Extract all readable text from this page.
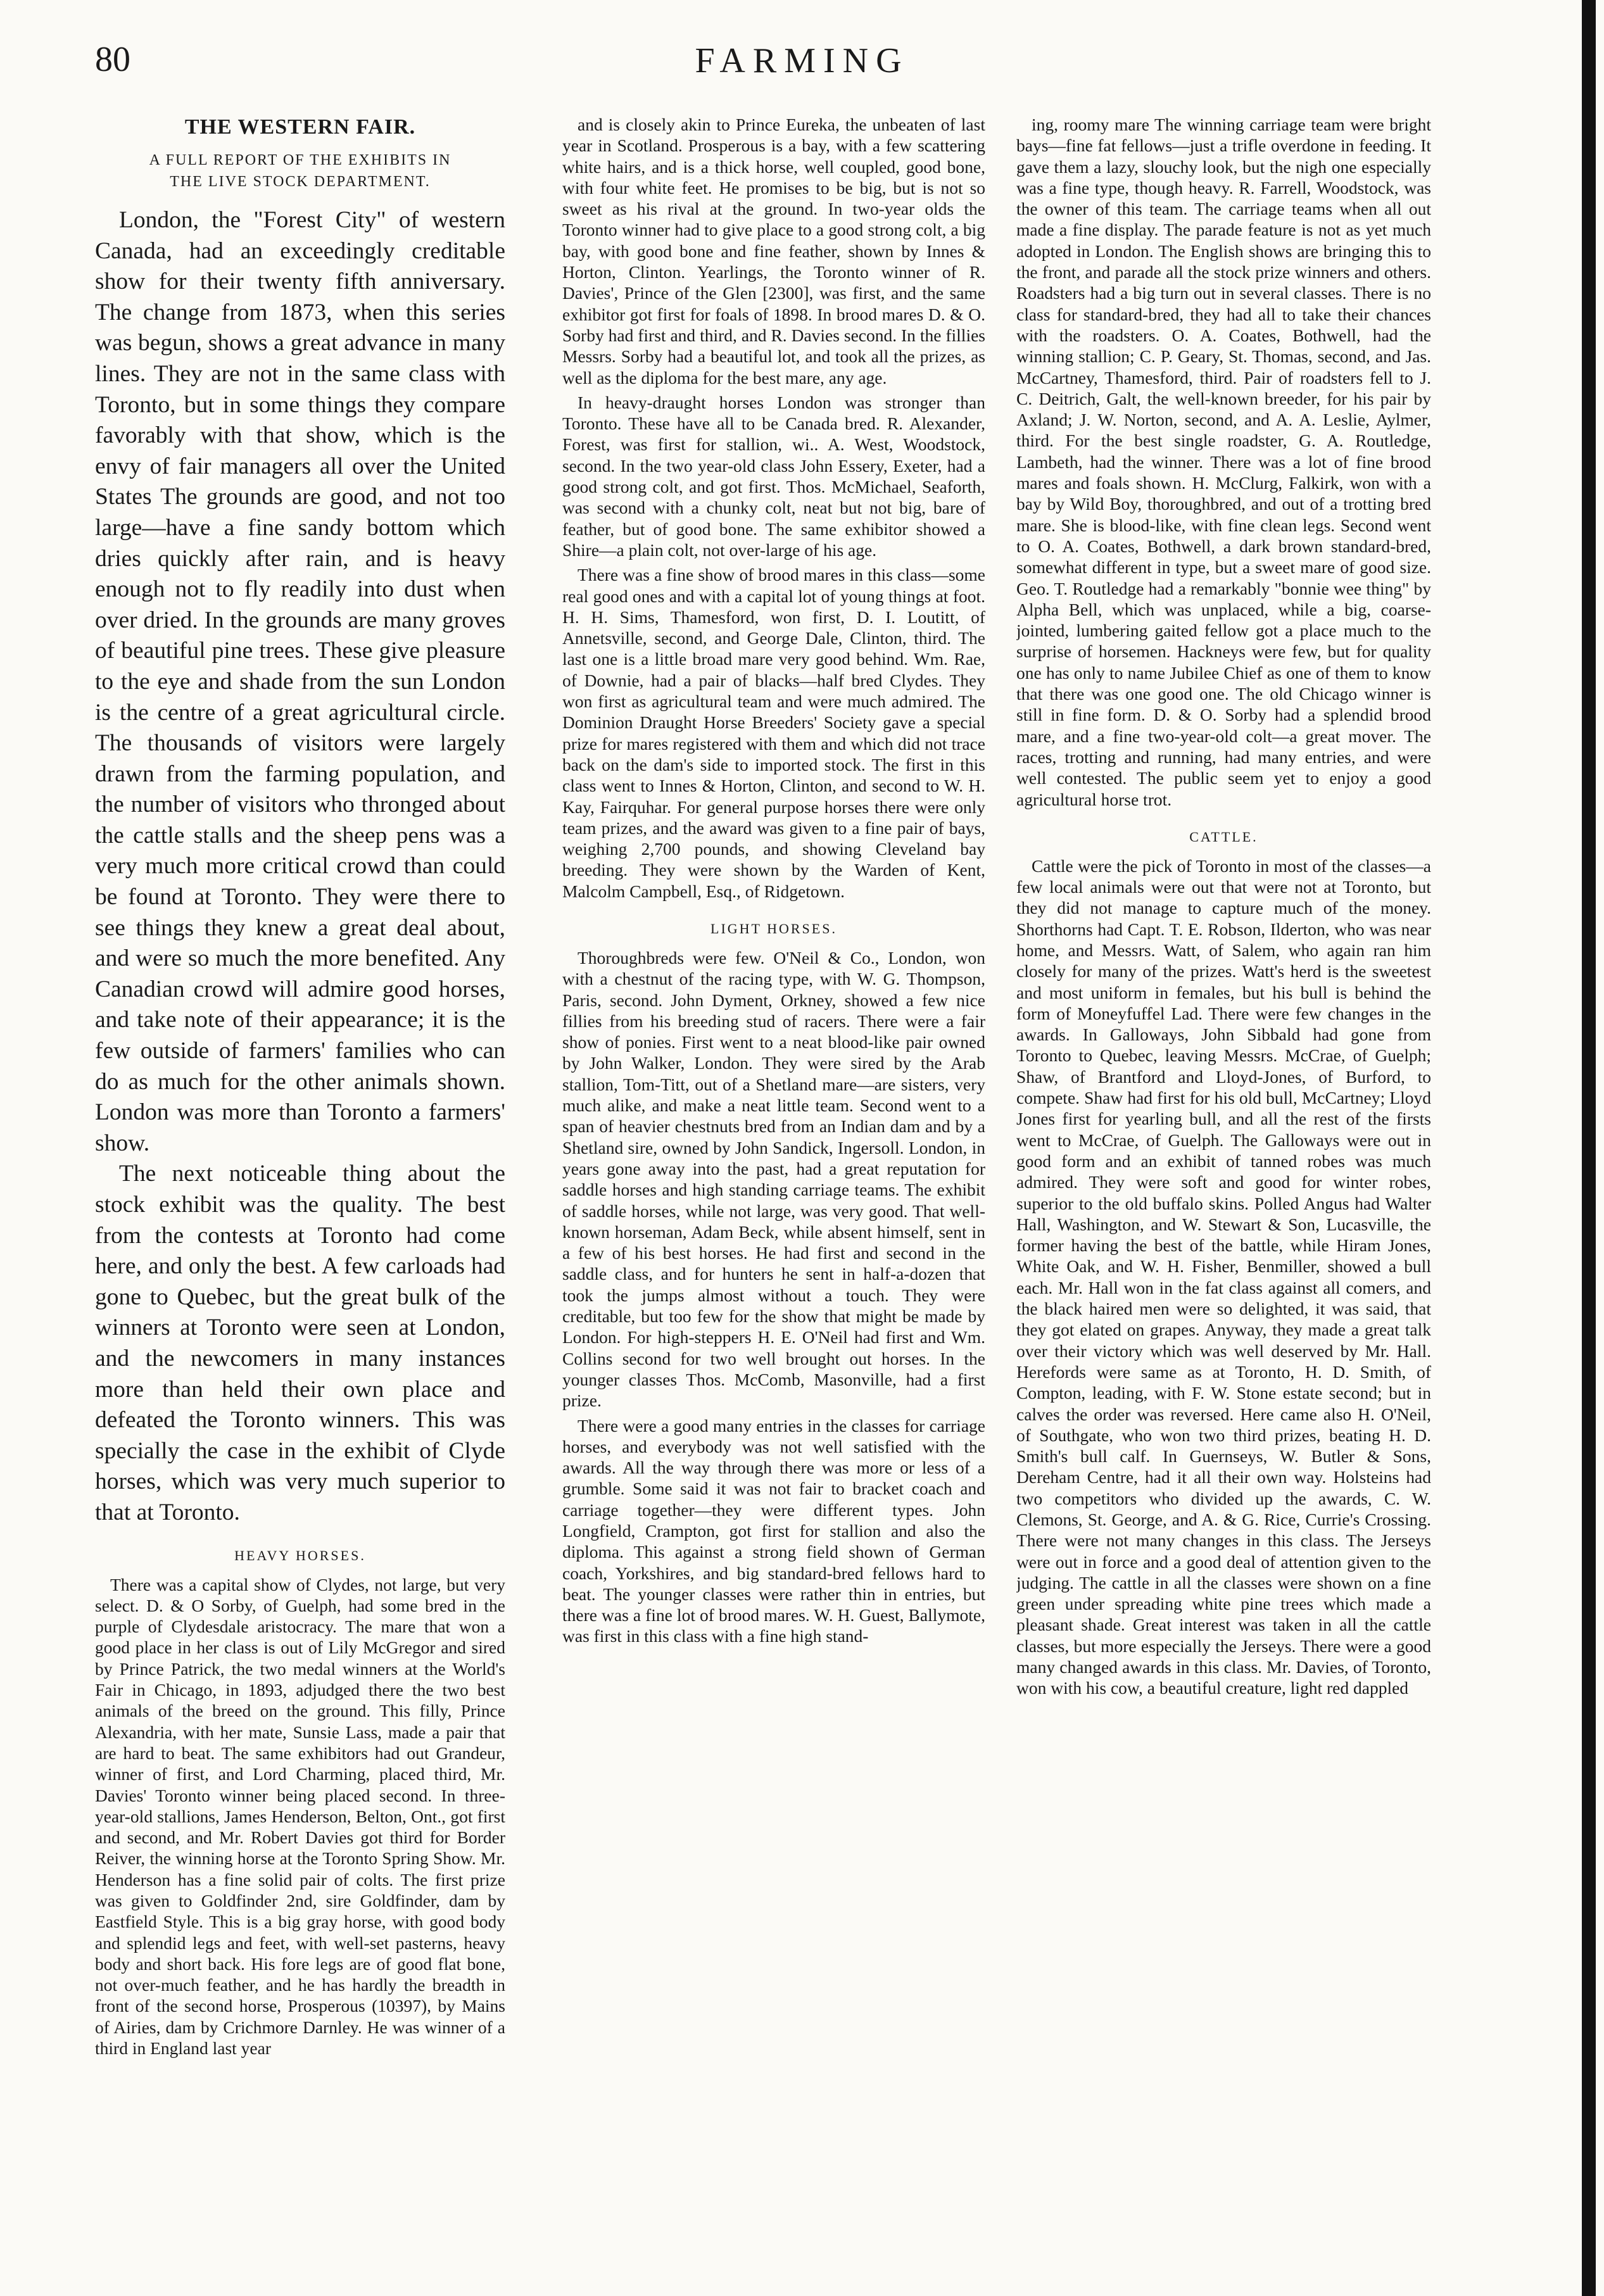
80	FARMING
THE WESTERN FAIR.
A FULL REPORT OF THE EXHIBITS IN
THE LIVE STOCK DEPARTMENT.

London, the "Forest City" of western Canada, had an exceedingly creditable show for their twenty fifth anniversary. The change from 1873, when this series was begun, shows a great advance in many lines. They are not in the same class with Toronto, but in some things they compare favorably with that show, which is the envy of fair managers all over the United States The grounds are good, and not too large—have a fine sandy bottom which dries quickly after rain, and is heavy enough not to fly readily into dust when over dried. In the grounds are many groves of beautiful pine trees. These give pleasure to the eye and shade from the sun London is the centre of a great agricultural circle. The thousands of visitors were largely drawn from the farming population, and the number of visitors who thronged about the cattle stalls and the sheep pens was a very much more critical crowd than could be found at Toronto. They were there to see things they knew a great deal about, and were so much the more benefited. Any Canadian crowd will admire good horses, and take note of their appearance; it is the few outside of farmers' families who can do as much for the other animals shown. London was more than Toronto a farmers' show.

The next noticeable thing about the stock exhibit was the quality. The best from the contests at Toronto had come here, and only the best. A few carloads had gone to Quebec, but the great bulk of the winners at Toronto were seen at London, and the newcomers in many instances more than held their own place and defeated the Toronto winners. This was specially the case in the exhibit of Clyde horses, which was very much superior to that at Toronto.

HEAVY HORSES.

There was a capital show of Clydes, not large, but very select. D. & O Sorby, of Guelph, had some bred in the purple of Clydesdale aristocracy. The mare that won a good place in her class is out of Lily McGregor and sired by Prince Patrick, the two medal winners at the World's Fair in Chicago, in 1893, adjudged there the two best animals of the breed on the ground. This filly, Prince Alexandria, with her mate, Sunsie Lass, made a pair that are hard to beat. The same exhibitors had out Grandeur, winner of first, and Lord Charming, placed third, Mr. Davies' Toronto winner being placed second. In three-year-old stallions, James Henderson, Belton, Ont., got first and second, and Mr. Robert Davies got third for Border Reiver, the winning horse at the Toronto Spring Show. Mr. Henderson has a fine solid pair of colts. The first prize was given to Goldfinder 2nd, sire Goldfinder, dam by Eastfield Style. This is a big gray horse, with good body and splendid legs and feet, with well-set pasterns, heavy body and short back. His fore legs are of good flat bone, not over-much feather, and he has hardly the breadth in front of the second horse, Prosperous (10397), by Mains of Airies, dam by Crichmore Darnley. He was winner of a third in England last year

and is closely akin to Prince Eureka, the unbeaten of last year in Scotland. Prosperous is a bay, with a few scattering white hairs, and is a thick horse, well coupled, good bone, with four white feet. He promises to be big, but is not so sweet as his rival at the ground. In two-year olds the Toronto winner had to give place to a good strong colt, a big bay, with good bone and fine feather, shown by Innes & Horton, Clinton. Yearlings, the Toronto winner of R. Davies', Prince of the Glen [2300], was first, and the same exhibitor got first for foals of 1898. In brood mares D. & O. Sorby had first and third, and R. Davies second. In the fillies Messrs. Sorby had a beautiful lot, and took all the prizes, as well as the diploma for the best mare, any age.

In heavy-draught horses London was stronger than Toronto. These have all to be Canada bred. R. Alexander, Forest, was first for stallion, wi.. A. West, Woodstock, second. In the two year-old class John Essery, Exeter, had a good strong colt, and got first. Thos. McMichael, Seaforth, was second with a chunky colt, neat but not big, bare of feather, but of good bone. The same exhibitor showed a Shire—a plain colt, not over-large of his age.

There was a fine show of brood mares in this class—some real good ones and with a capital lot of young things at foot. H. H. Sims, Thamesford, won first, D. I. Loutitt, of Annetsville, second, and George Dale, Clinton, third. The last one is a little broad mare very good behind. Wm. Rae, of Downie, had a pair of blacks—half bred Clydes. They won first as agricultural team and were much admired. The Dominion Draught Horse Breeders' Society gave a special prize for mares registered with them and which did not trace back on the dam's side to imported stock. The first in this class went to Innes & Horton, Clinton, and second to W. H. Kay, Fairquhar. For general purpose horses there were only team prizes, and the award was given to a fine pair of bays, weighing 2,700 pounds, and showing Cleveland bay breeding. They were shown by the Warden of Kent, Malcolm Campbell, Esq., of Ridgetown.

LIGHT HORSES.

Thoroughbreds were few. O'Neil & Co., London, won with a chestnut of the racing type, with W. G. Thompson, Paris, second. John Dyment, Orkney, showed a few nice fillies from his breeding stud of racers. There were a fair show of ponies. First went to a neat blood-like pair owned by John Walker, London. They were sired by the Arab stallion, Tom-Titt, out of a Shetland mare—are sisters, very much alike, and make a neat little team. Second went to a span of heavier chestnuts bred from an Indian dam and by a Shetland sire, owned by John Sandick, Ingersoll. London, in years gone away into the past, had a great reputation for saddle horses and high standing carriage teams. The exhibit of saddle horses, while not large, was very good. That well-known horseman, Adam Beck, while absent himself, sent in a few of his best horses. He had first and second in the saddle class, and for hunters he sent in half-a-dozen that took the jumps almost without a touch. They were creditable, but too few for the show that might be made by London. For high-steppers H. E. O'Neil had first and Wm. Collins second for two well brought out horses. In the younger classes Thos. McComb, Masonville, had a first prize.

There were a good many entries in the classes for carriage horses, and everybody was not well satisfied with the awards. All the way through there was more or less of a grumble. Some said it was not fair to bracket coach and carriage together—they were different types. John Longfield, Crampton, got first for stallion and also the diploma. This against a strong field shown of German coach, Yorkshires, and big standard-bred fellows hard to beat. The younger classes were rather thin in entries, but there was a fine lot of brood mares. W. H. Guest, Ballymote, was first in this class with a fine high stand-

ing, roomy mare The winning carriage team were bright bays—fine fat fellows—just a trifle overdone in feeding. It gave them a lazy, slouchy look, but the nigh one especially was a fine type, though heavy. R. Farrell, Woodstock, was the owner of this team. The carriage teams when all out made a fine display. The parade feature is not as yet much adopted in London. The English shows are bringing this to the front, and parade all the stock prize winners and others. Roadsters had a big turn out in several classes. There is no class for standard-bred, they had all to take their chances with the roadsters. O. A. Coates, Bothwell, had the winning stallion; C. P. Geary, St. Thomas, second, and Jas. McCartney, Thamesford, third. Pair of roadsters fell to J. C. Deitrich, Galt, the well-known breeder, for his pair by Axland; J. W. Norton, second, and A. A. Leslie, Aylmer, third. For the best single roadster, G. A. Routledge, Lambeth, had the winner. There was a lot of fine brood mares and foals shown. H. McClurg, Falkirk, won with a bay by Wild Boy, thoroughbred, and out of a trotting bred mare. She is blood-like, with fine clean legs. Second went to O. A. Coates, Bothwell, a dark brown standard-bred, somewhat different in type, but a sweet mare of good size. Geo. T. Routledge had a remarkably "bonnie wee thing" by Alpha Bell, which was unplaced, while a big, coarse-jointed, lumbering gaited fellow got a place much to the surprise of horsemen. Hackneys were few, but for quality one has only to name Jubilee Chief as one of them to know that there was one good one. The old Chicago winner is still in fine form. D. & O. Sorby had a splendid brood mare, and a fine two-year-old colt—a great mover. The races, trotting and running, had many entries, and were well contested. The public seem yet to enjoy a good agricultural horse trot.

CATTLE.

Cattle were the pick of Toronto in most of the classes—a few local animals were out that were not at Toronto, but they did not manage to capture much of the money. Shorthorns had Capt. T. E. Robson, Ilderton, who was near home, and Messrs. Watt, of Salem, who again ran him closely for many of the prizes. Watt's herd is the sweetest and most uniform in females, but his bull is behind the form of Moneyfuffel Lad. There were few changes in the awards. In Galloways, John Sibbald had gone from Toronto to Quebec, leaving Messrs. McCrae, of Guelph; Shaw, of Brantford and Lloyd-Jones, of Burford, to compete. Shaw had first for his old bull, McCartney; Lloyd Jones first for yearling bull, and all the rest of the firsts went to McCrae, of Guelph. The Galloways were out in good form and an exhibit of tanned robes was much admired. They were soft and good for winter robes, superior to the old buffalo skins. Polled Angus had Walter Hall, Washington, and W. Stewart & Son, Lucasville, the former having the best of the battle, while Hiram Jones, White Oak, and W. H. Fisher, Benmiller, showed a bull each. Mr. Hall won in the fat class against all comers, and the black haired men were so delighted, it was said, that they got elated on grapes. Anyway, they made a great talk over their victory which was well deserved by Mr. Hall. Herefords were same as at Toronto, H. D. Smith, of Compton, leading, with F. W. Stone estate second; but in calves the order was reversed. Here came also H. O'Neil, of Southgate, who won two third prizes, beating H. D. Smith's bull calf. In Guernseys, W. Butler & Sons, Dereham Centre, had it all their own way. Holsteins had two competitors who divided up the awards, C. W. Clemons, St. George, and A. & G. Rice, Currie's Crossing. There were not many changes in this class. The Jerseys were out in force and a good deal of attention given to the judging. The cattle in all the classes were shown on a fine green under spreading white pine trees which made a pleasant shade. Great interest was taken in all the cattle classes, but more especially the Jerseys. There were a good many changed awards in this class. Mr. Davies, of Toronto, won with his cow, a beautiful creature, light red dappled
